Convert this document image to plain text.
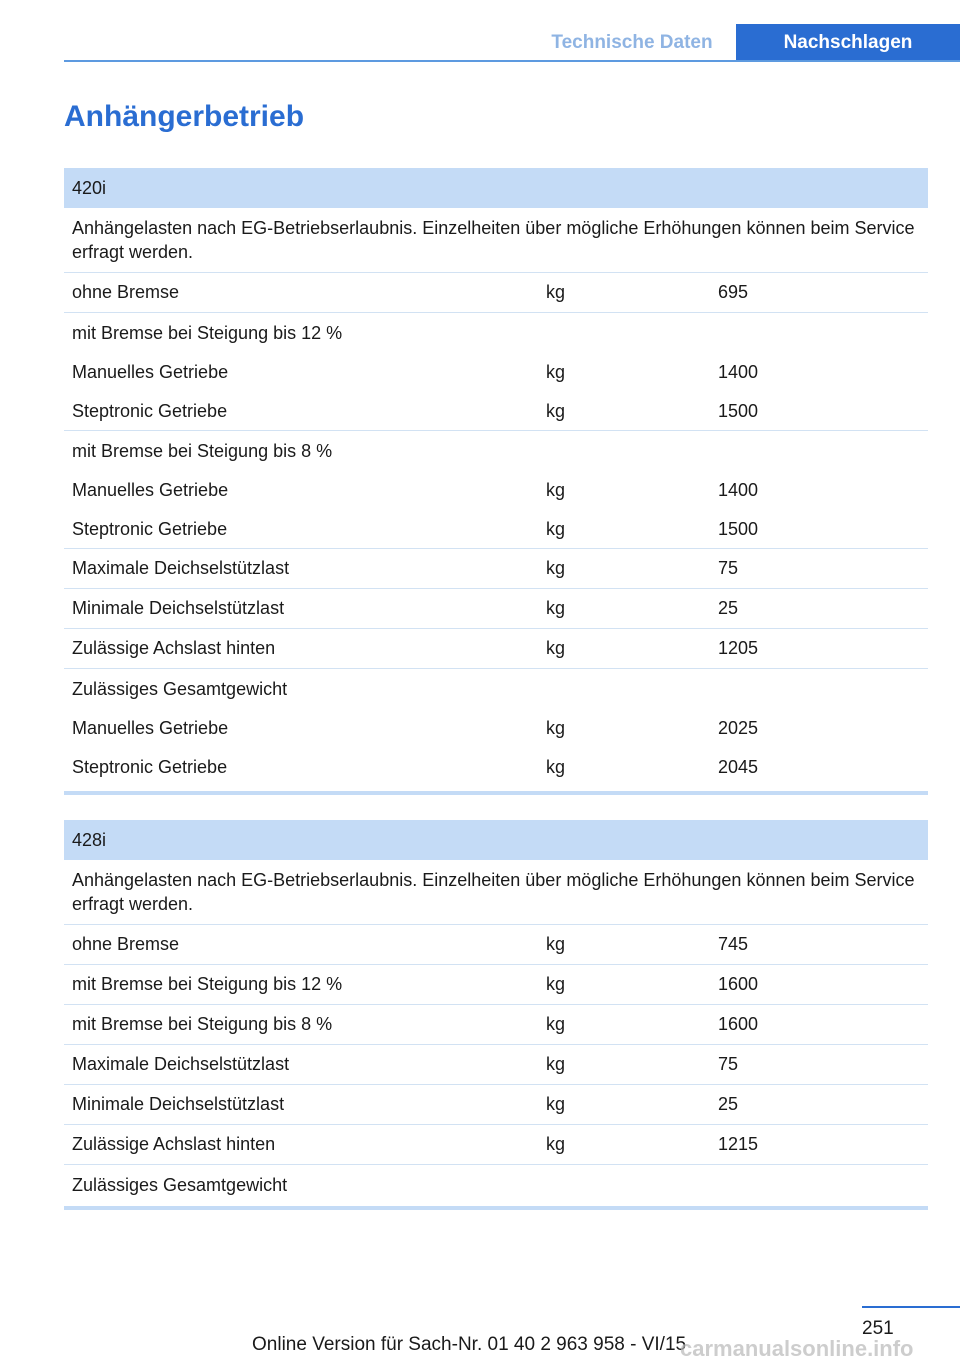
Technische Daten	Nachschlagen
Anhängerbetrieb
420i
Anhängelasten nach EG-Betriebserlaubnis. Einzelheiten über mögliche Erhöhungen können beim Service erfragt werden.
ohne Bremse	kg	695
mit Bremse bei Steigung bis 12 %
Manuelles Getriebe	kg	1400
Steptronic Getriebe	kg	1500
mit Bremse bei Steigung bis 8 %
Manuelles Getriebe	kg	1400
Steptronic Getriebe	kg	1500
Maximale Deichselstützlast	kg	75
Minimale Deichselstützlast	kg	25
Zulässige Achslast hinten	kg	1205
Zulässiges Gesamtgewicht
Manuelles Getriebe	kg	2025
Steptronic Getriebe	kg	2045
428i
Anhängelasten nach EG-Betriebserlaubnis. Einzelheiten über mögliche Erhöhungen können beim Service erfragt werden.
ohne Bremse	kg	745
mit Bremse bei Steigung bis 12 %	kg	1600
mit Bremse bei Steigung bis 8 %	kg	1600
Maximale Deichselstützlast	kg	75
Minimale Deichselstützlast	kg	25
Zulässige Achslast hinten	kg	1215
Zulässiges Gesamtgewicht
251
Online Version für Sach-Nr. 01 40 2 963 958 - VI/15
carmanualsonline.info
